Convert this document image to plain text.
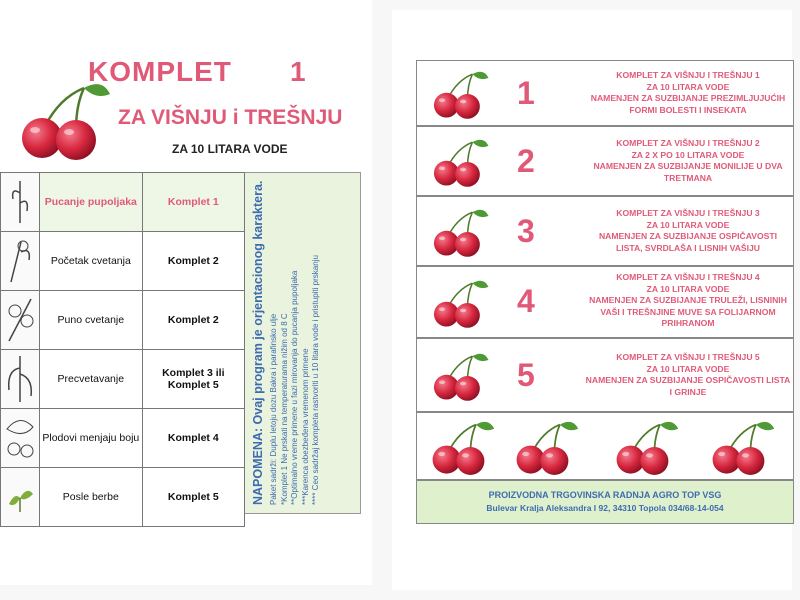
KOMPLET 1
ZA VIŠNJU i TREŠNJU
ZA 10 LITARA VODE
	Pucanje pupoljaka	Komplet 1
	Početak cvetanja	Komplet 2
	Puno cvetanje	Komplet 2
	Precvetavanje	Komplet 3 ili Komplet 5
	Plodovi menjaju boju	Komplet 4
	Posle berbe	Komplet 5	NAPOMENA: Ovaj program je orjentacionog karaktera. Paket sadrži: Duplu letoju dozu Bakra i parafinsko ulje *Komplet 1 Ne prskati na temperaturama nižim od 8 C **Optimalno vreme primene u fazi mirovanja do pucanja pupoljaka ***Karenca obezbeđena vremenom primene **** Ceo sadržaj kompleta rastvoriti u 10 litara vode i pristupiti prskanju
1	KOMPLET ZA VIŠNJU I TREŠNJU 1
ZA 10 LITARA VODE
NAMENJEN ZA SUZBIJANJE PREZIMLJUJUĆIH
FORMI BOLESTI I INSEKATA
2	KOMPLET ZA VIŠNJU I TREŠNJU 2
ZA 2 X PO 10 LITARA VODE
NAMENJEN ZA SUZBIJANJE MONILIJE U DVA
TRETMANA
3	KOMPLET ZA VIŠNJU I TREŠNJU 3
ZA 10 LITARA VODE
NAMENJEN ZA SUZBIJANJE OSPIČAVOSTI
LISTA, SVRDLAŠA I LISNIH VAŠIJU
4
KOMPLET ZA VIŠNJU I TREŠNJU 4
ZA 10 LITARA VODE
NAMENJEN ZA SUZBIJANJE TRULEŽI, LISNINIH
VAŠI I TREŠNJINE MUVE SA FOLIJARNOM
PRIHRANOM
5	KOMPLET ZA VIŠNJU I TREŠNJU 5
ZA 10 LITARA VODE
NAMENJEN ZA SUZBIJANJE OSPIČAVOSTI LISTA
I GRINJE
PROIZVODNA TRGOVINSKA RADNJA AGRO TOP VSG
Bulevar Kralja Aleksandra I 92, 34310 Topola 034/68-14-054
